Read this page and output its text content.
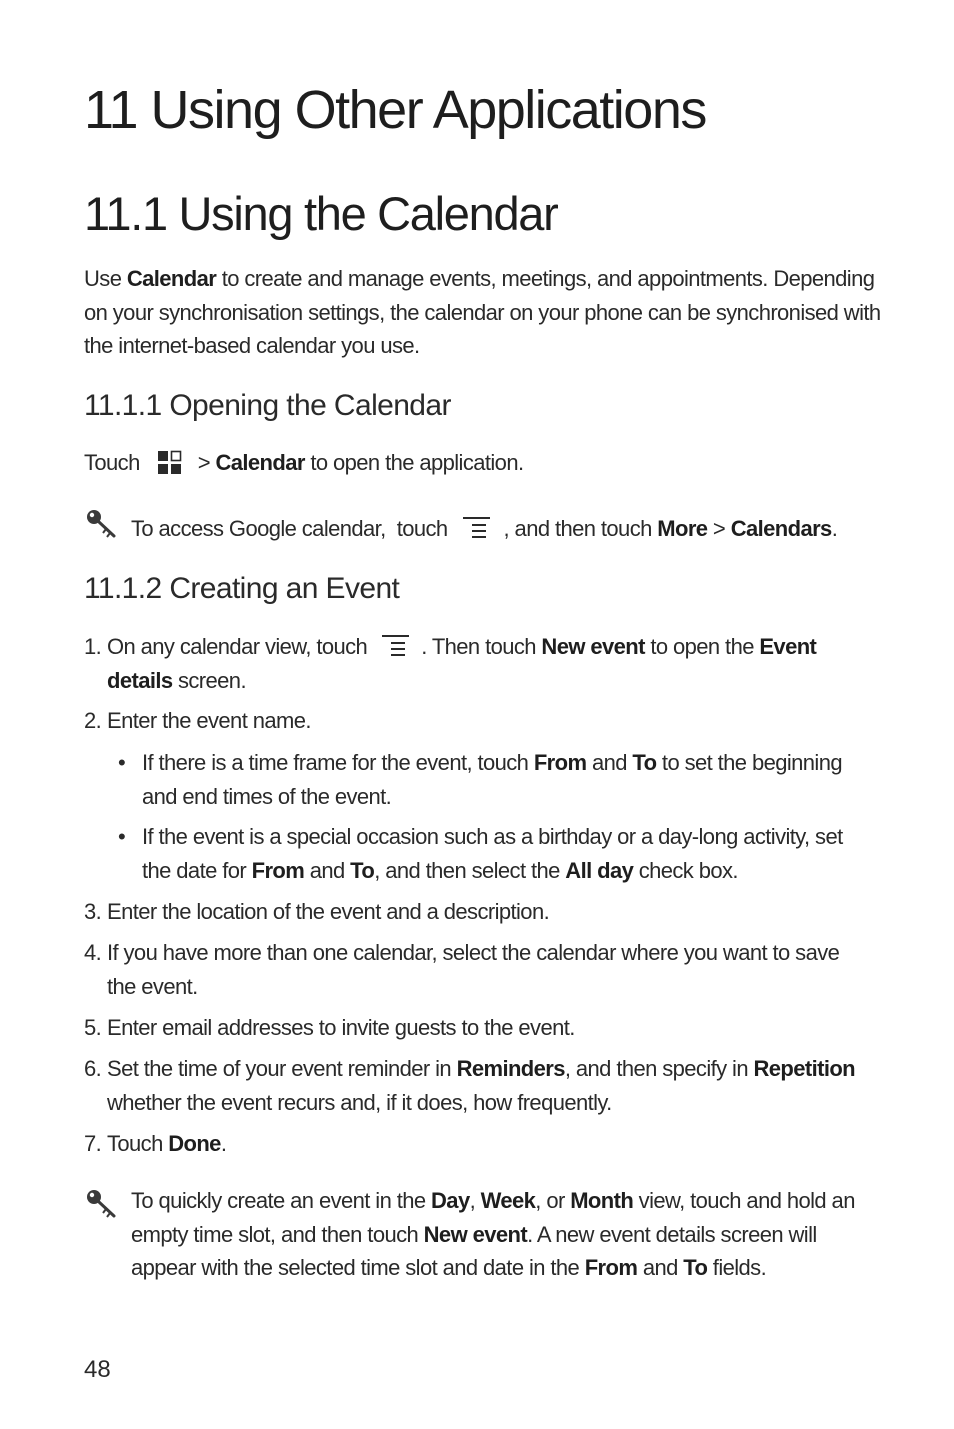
11 Using Other Applications
11.1 Using the Calendar

Use Calendar to create and manage events, meetings, and appointments. Depending on your synchronisation settings, the calendar on your phone can be synchronised with the internet-based calendar you use.

11.1.1 Opening the Calendar

Touch	> Calendar to open the application.

To access Google calendar,  touch	, and then touch More > Calendars .

11.1.2 Creating an Event
1. On any calendar view, touch . Then touch New event to open the Event
details screen.
2. Enter the event name.
• If there is a time frame for the event, touch From and To to set the beginning and end times of the event.
• If the event is a special occasion such as a birthday or a day-long activity, set the date for From and To, and then select the All day check box.
3. Enter the location of the event and a description.
4. If you have more than one calendar, select the calendar where you want to save the event.
5. Enter email addresses to invite guests to the event.
6. Set the time of your event reminder in Reminders, and then specify in Repetition whether the event recurs and, if it does, how frequently.
7. Touch Done.
To quickly create an event in the Day, Week, or Month view, touch and hold an empty time slot, and then touch New event. A new event details screen will appear with the selected time slot and date in the From and To fields.
48
